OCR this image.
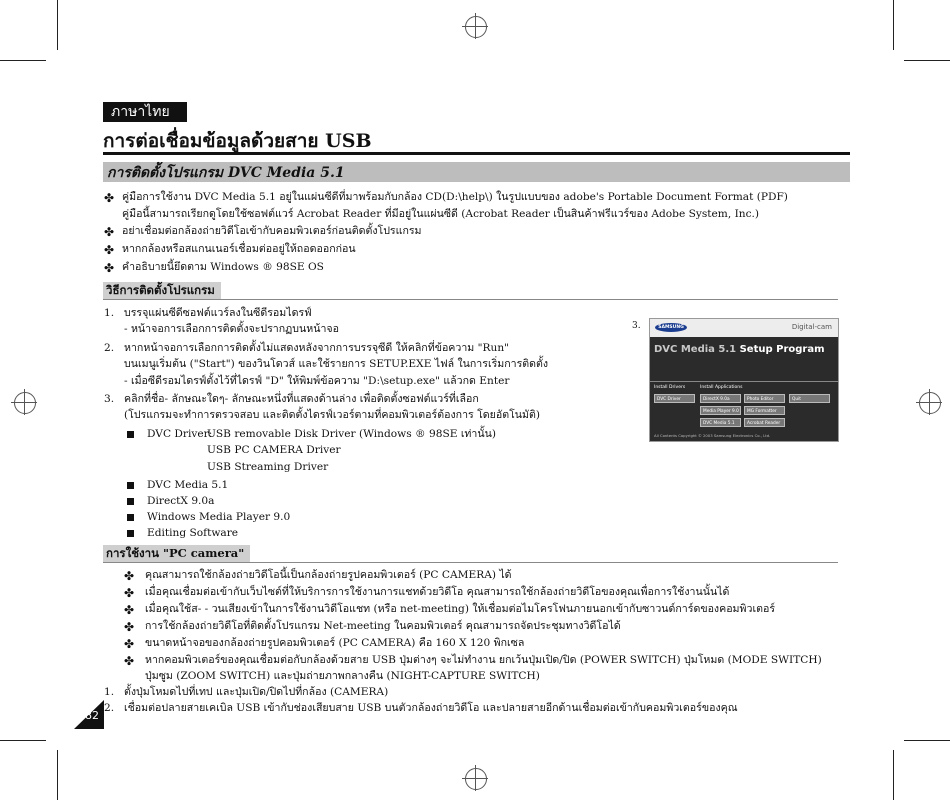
ภาษาไทย
การต่อเชื่อมข้อมูลด้วยสาย USB
การติดตั้งโปรแกรม DVC Media 5.1
✤ คู่มือการใช้งาน DVC Media 5.1 อยู่ในแผ่นซีดีที่มาพร้อมกับกล้อง CD(D:\help\) ในรูปแบบของ adobe's Portable Document Format (PDF)
คู่มือนี้สามารถเรียกดูโดยใช้ซอฟต์แวร์ Acrobat Reader ที่มีอยู่ในแผ่นซีดี (Acrobat Reader เป็นสินค้าฟรีแวร์ของ Adobe System, Inc.)
✤ อย่าเชื่อมต่อกล้องถ่ายวิดีโอเข้ากับคอมพิวเตอร์ก่อนติดตั้งโปรแกรม
✤ หากกล้องหรือสแกนเนอร์เชื่อมต่ออยู่ให้ถอดออกก่อน
✤ คำอธิบายนี้ยึดตาม Windows ® 98SE OS
วิธีการติดตั้งโปรแกรม
1. บรรจุแผ่นซีดีซอฟต์แวร์ลงในซีดีรอมไดรฟ์
- หน้าจอการเลือกการติดตั้งจะปรากฏบนหน้าจอ
2. หากหน้าจอการเลือกการติดตั้งไม่แสดงหลังจากการบรรจุซีดี ให้คลิกที่ข้อความ "Run"
บนเมนูเริ่มต้น ("Start") ของวินโดวส์ และใช้รายการ SETUP.EXE ไฟล์ ในการเริ่มการติดตั้ง
- เมื่อซีดีรอมไดรฟ์ตั้งไว้ที่ไดรฟ์ "D" ให้พิมพ์ข้อความ "D:\setup.exe" แล้วกด Enter
3. คลิกที่ชื่อ- ลักษณะใดๆ- ลักษณะหนึ่งที่แสดงด้านล่าง เพื่อติดตั้งซอฟต์แวร์ที่เลือก
(โปรแกรมจะทำการตรวจสอบ และติดตั้งไดรฟ์เวอร์ตามที่คอมพิวเตอร์ต้องการ โดยอัตโนมัติ)
DVC Driver:
USB removable Disk Driver (Windows ® 98SE เท่านั้น)
USB PC CAMERA Driver
USB Streaming Driver
DVC Media 5.1
DirectX 9.0a
Windows Media Player 9.0
Editing Software
3.	SAMSUNG	Digital-cam
DVC Media 5.1 Setup Program
Install Drivers	Install Applications
DVC Driver	DirectX 9.0a	Photo Editor	Quit
Media Player 9.0	MG Formatter
DVC Media 5.1	Acrobat Reader
All Contents Copyright © 2003 Samsung Electronics Co., Ltd.
การใช้งาน "PC camera"
✤ คุณสามารถใช้กล้องถ่ายวิดีโอนี้เป็นกล้องถ่ายรูปคอมพิวเตอร์ (PC CAMERA) ได้
✤ เมื่อคุณเชื่อมต่อเข้ากับเว็บไซต์ที่ให้บริการการใช้งานการแชทด้วยวิดีโอ คุณสามารถใช้กล้องถ่ายวิดีโอของคุณเพื่อการใช้งานนั้นได้
✤ เมื่อคุณใช้ส- - วนเสียงเข้าในการใช้งานวิดีโอแชท (หรือ net-meeting) ให้เชื่อมต่อไมโครโฟนภายนอกเข้ากับซาวนด์การ์ดของคอมพิวเตอร์
✤ การใช้กล้องถ่ายวิดีโอที่ติดตั้งโปรแกรม Net-meeting ในคอมพิวเตอร์ คุณสามารถจัดประชุมทางวิดีโอได้
✤ ขนาดหน้าจอของกล้องถ่ายรูปคอมพิวเตอร์ (PC CAMERA) คือ 160 X 120 พิกเซล
✤ หากคอมพิวเตอร์ของคุณเชื่อมต่อกับกล้องด้วยสาย USB ปุ่มต่างๆ จะไม่ทำงาน ยกเว้นปุ่มเปิด/ปิด (POWER SWITCH) ปุ่มโหมด (MODE SWITCH)
ปุ่มซูม (ZOOM SWITCH) และปุ่มถ่ายภาพกลางคืน (NIGHT-CAPTURE SWITCH)
1. ตั้งปุ่มโหมดไปที่เทป และปุ่มเปิด/ปิดไปที่กล้อง (CAMERA)
2. เชื่อมต่อปลายสายเคเบิล USB เข้ากับช่องเสียบสาย USB บนตัวกล้องถ่ายวิดีโอ และปลายสายอีกด้านเชื่อมต่อเข้ากับคอมพิวเตอร์ของคุณ
82
